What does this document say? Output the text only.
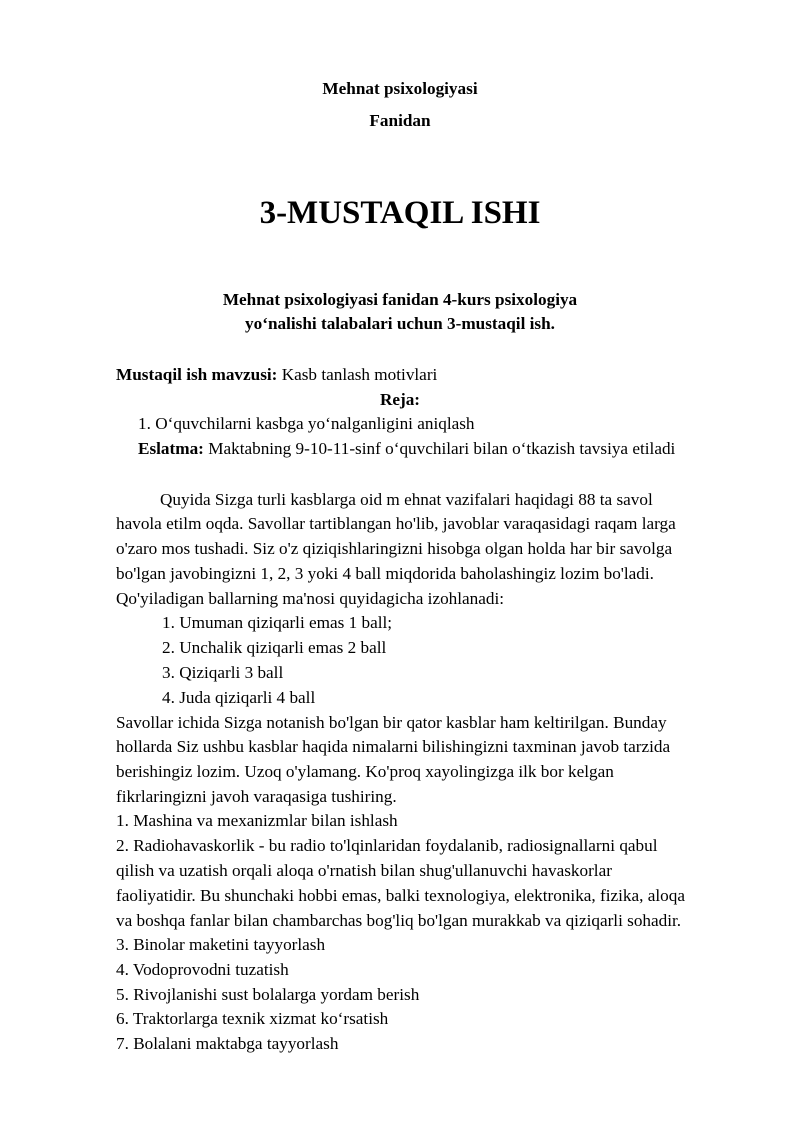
Mehnat psixologiyasi
Fanidan
3-MUSTAQIL ISHI
Mehnat psixologiyasi fanidan 4-kurs psixologiya
yo‘nalishi talabalari uchun 3-mustaqil ish.
Mustaqil ish mavzusi: Kasb tanlash motivlari
Reja:
1. O‘quvchilarni kasbga yo‘nalganligini aniqlash
Eslatma: Maktabning 9-10-11-sinf o‘quvchilari bilan o‘tkazish tavsiya etiladi
Quyida Sizga turli kasblarga oid m ehnat vazifalari haqidagi 88 ta savol
havola etilm oqda. Savollar tartiblangan ho'lib, javoblar varaqasidagi raqam larga
o'zaro mos tushadi. Siz o'z qiziqishlaringizni hisobga olgan holda har bir savolga
bo'lgan javobingizni 1, 2, 3 yoki 4 ball miqdorida baholashingiz lozim bo'ladi.
Qo'yiladigan ballarning ma'nosi quyidagicha izohlanadi:
1. Umuman qiziqarli emas 1 ball;
2. Unchalik qiziqarli emas 2 ball
3. Qiziqarli 3 ball
4. Juda qiziqarli 4 ball
Savollar ichida Sizga notanish bo'lgan bir qator kasblar ham keltirilgan. Bunday
hollarda Siz ushbu kasblar haqida nimalarni bilishingizni taxminan javob tarzida
berishingiz lozim. Uzoq o'ylamang. Ko'proq xayolingizga ilk bor kelgan
fikrlaringizni javoh varaqasiga tushiring.
1. Mashina va mexanizmlar bilan ishlash
2. Radiohavaskorlik - bu radio to'lqinlaridan foydalanib, radiosignallarni qabul
qilish va uzatish orqali aloqa o'rnatish bilan shug'ullanuvchi havaskorlar
faoliyatidir. Bu shunchaki hobbi emas, balki texnologiya, elektronika, fizika, aloqa
va boshqa fanlar bilan chambarchas bog'liq bo'lgan murakkab va qiziqarli sohadir.
3. Binolar maketini tayyorlash
4. Vodoprovodni tuzatish
5. Rivojlanishi sust bolalarga yordam berish
6. Traktorlarga texnik xizmat ko‘rsatish
7. Bolalani maktabga tayyorlash
